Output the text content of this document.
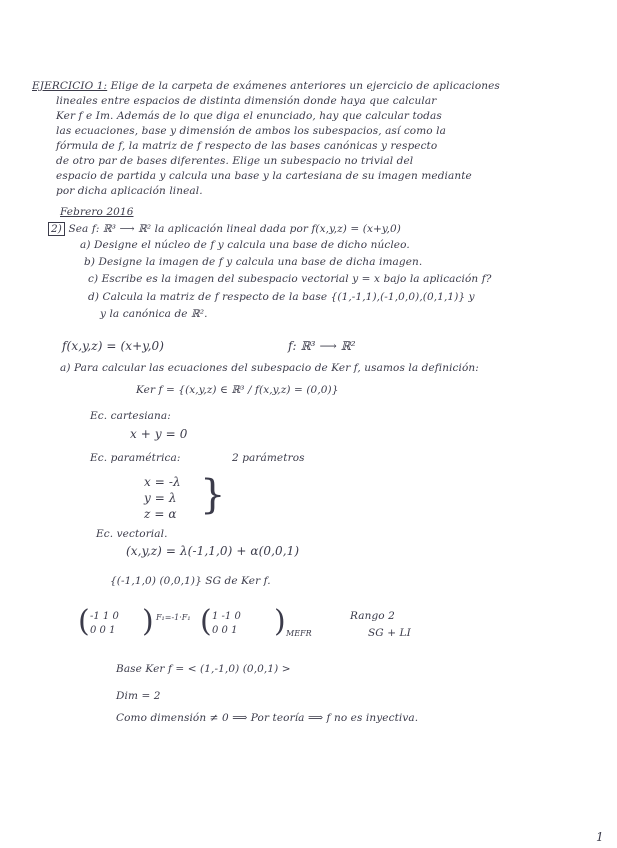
EJERCICIO 1: Elige de la carpeta de exámenes anteriores un ejercicio de aplicaciones
lineales entre espacios de distinta dimensión donde haya que calcular
Ker f e Im. Además de lo que diga el enunciado, hay que calcular todas
las ecuaciones, base y dimensión de ambos los subespacios, así como la
fórmula de f, la matriz de f respecto de las bases canónicas y respecto
de otro par de bases diferentes. Elige un subespacio no trivial del
espacio de partida y calcula una base y la cartesiana de su imagen mediante
por dicha aplicación lineal.
Febrero 2016
2) Sea f: ℝ³ ⟶ ℝ² la aplicación lineal dada por f(x,y,z) = (x+y,0)
a) Designe el núcleo de f y calcula una base de dicho núcleo.
b) Designe la imagen de f y calcula una base de dicha imagen.
c) Escribe es la imagen del subespacio vectorial y = x bajo la aplicación f?
d) Calcula la matriz de f respecto de la base {(1,-1,1),(-1,0,0),(0,1,1)} y
y la canónica de ℝ².
f(x,y,z) = (x+y,0)	f: ℝ³ ⟶ ℝ²
a) Para calcular las ecuaciones del subespacio de Ker f, usamos la definición:
Ker f = {(x,y,z) ∈ ℝ³ / f(x,y,z) = (0,0)}
Ec. cartesiana:
x + y = 0
Ec. paramétrica:	2 parámetros
x = -λ
y = λ
z = α }
Ec. vectorial.
(x,y,z) = λ(-1,1,0) + α(0,0,1)
{(-1,1,0) (0,0,1)} SG de Ker f.
( -1 1 0
0 0 1 ) F₁=-1·F₁ ( 1 -1 0
0 0 1 ) MEFR
Rango 2
SG + LI
Base Ker f = < (1,-1,0) (0,0,1) >
Dim = 2
Como dimensión ≠ 0 ⟹ Por teoría ⟹ f no es inyectiva.
1
